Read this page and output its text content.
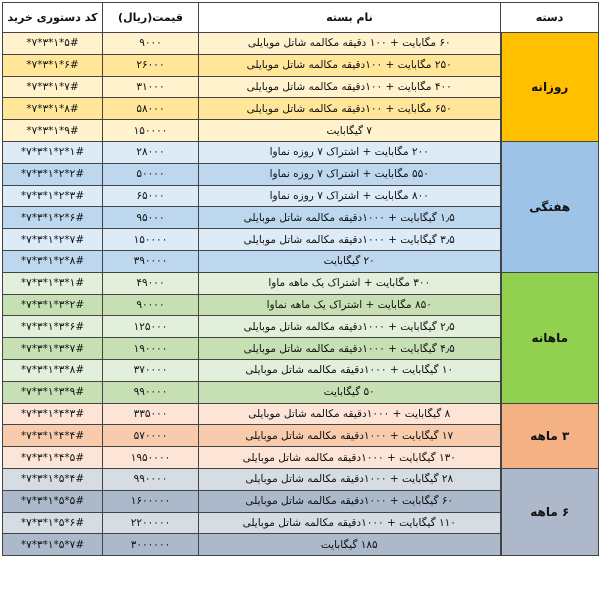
دسته	نام بسته	قیمت(ریال)	کد دستوری خرید
روزانه	۶۰ مگابایت + ۱۰۰ دقیقه مکالمه شاتل موبایلی	۹۰۰۰	*۷*۳*۱*۵#
	۲۵۰ مگابایت + ۱۰۰دقیقه مکالمه شاتل موبایلی	۲۶۰۰۰	*۷*۳*۱*۶#
	۴۰۰ مگابایت + ۱۰۰دقیقه مکالمه شاتل موبایلی	۳۱۰۰۰	*۷*۳*۱*۷#
	۶۵۰ مگابایت + ۱۰۰دقیقه مکالمه شاتل موبایلی	۵۸۰۰۰	*۷*۳*۱*۸#
	۷ گیگابایت	۱۵۰۰۰۰	*۷*۳*۱*۹#
هفتگی	۲۰۰ مگابایت + اشتراک ۷ روزه نماوا	۲۸۰۰۰	*۷*۳*۱*۲*۱#
	۵۵۰ مگابایت + اشتراک ۷ روزه نماوا	۵۰۰۰۰	*۷*۳*۱*۲*۲#
	۸۰۰ مگابایت + اشتراک ۷ روزه نماوا	۶۵۰۰۰	*۷*۳*۱*۲*۳#
	۱٫۵ گیگابایت + ۱۰۰۰دقیقه مکالمه شاتل موبایلی	۹۵۰۰۰	*۷*۳*۱*۲*۶#
	۳٫۵ گیگابایت + ۱۰۰۰دقیقه مکالمه شاتل موبایلی	۱۵۰۰۰۰	*۷*۳*۱*۲*۷#
	۲۰ گیگابایت	۳۹۰۰۰۰	*۷*۳*۱*۲*۸#
ماهانه	۳۰۰ مگابایت + اشتراک یک ماهه ماوا	۴۹۰۰۰	*۷*۳*۱*۳*۱#
	۸۵۰ مگابایت + اشتراک یک ماهه نماوا	۹۰۰۰۰	*۷*۳*۱*۳*۲#
	۲٫۵ گیگابایت + ۱۰۰۰دقیقه مکالمه شاتل موبایلی	۱۲۵۰۰۰	*۷*۳*۱*۳*۶#
	۴٫۵ گیگابایت + ۱۰۰۰دقیقه مکالمه شاتل موبایلی	۱۹۰۰۰۰	*۷*۳*۱*۳*۷#
	۱۰ گیگابایت + ۱۰۰۰دقیقه مکالمه شاتل موبایلی	۳۷۰۰۰۰	*۷*۳*۱*۳*۸#
	۵۰ گیگابایت	۹۹۰۰۰۰	*۷*۳*۱*۳*۹#
۳ ماهه	۸ گیگابایت + ۱۰۰۰دقیقه مکالمه شاتل موبایلی	۳۳۵۰۰۰	*۷*۳*۱*۴*۳#
	۱۷ گیگابایت + ۱۰۰۰دقیقه مکالمه شاتل موبایلی	۵۷۰۰۰۰	*۷*۳*۱*۴*۴#
	۱۳۰ گیگابایت + ۱۰۰۰دقیقه مکالمه شاتل موبایلی	۱۹۵۰۰۰۰	*۷*۳*۱*۴*۵#
۶ ماهه	۲۸ گیگابایت + ۱۰۰۰دقیقه مکالمه شاتل موبایلی	۹۹۰۰۰۰	*۷*۳*۱*۵*۴#
	۶۰ گیگابایت + ۱۰۰۰دقیقه مکالمه شاتل موبایلی	۱۶۰۰۰۰۰	*۷*۳*۱*۵*۵#
	۱۱۰ گیگابایت + ۱۰۰۰دقیقه مکالمه شاتل موبایلی	۲۲۰۰۰۰۰	*۷*۳*۱*۵*۶#
	۱۸۵ گیگابایت	۳۰۰۰۰۰۰	*۷*۳*۱*۵*۷#
